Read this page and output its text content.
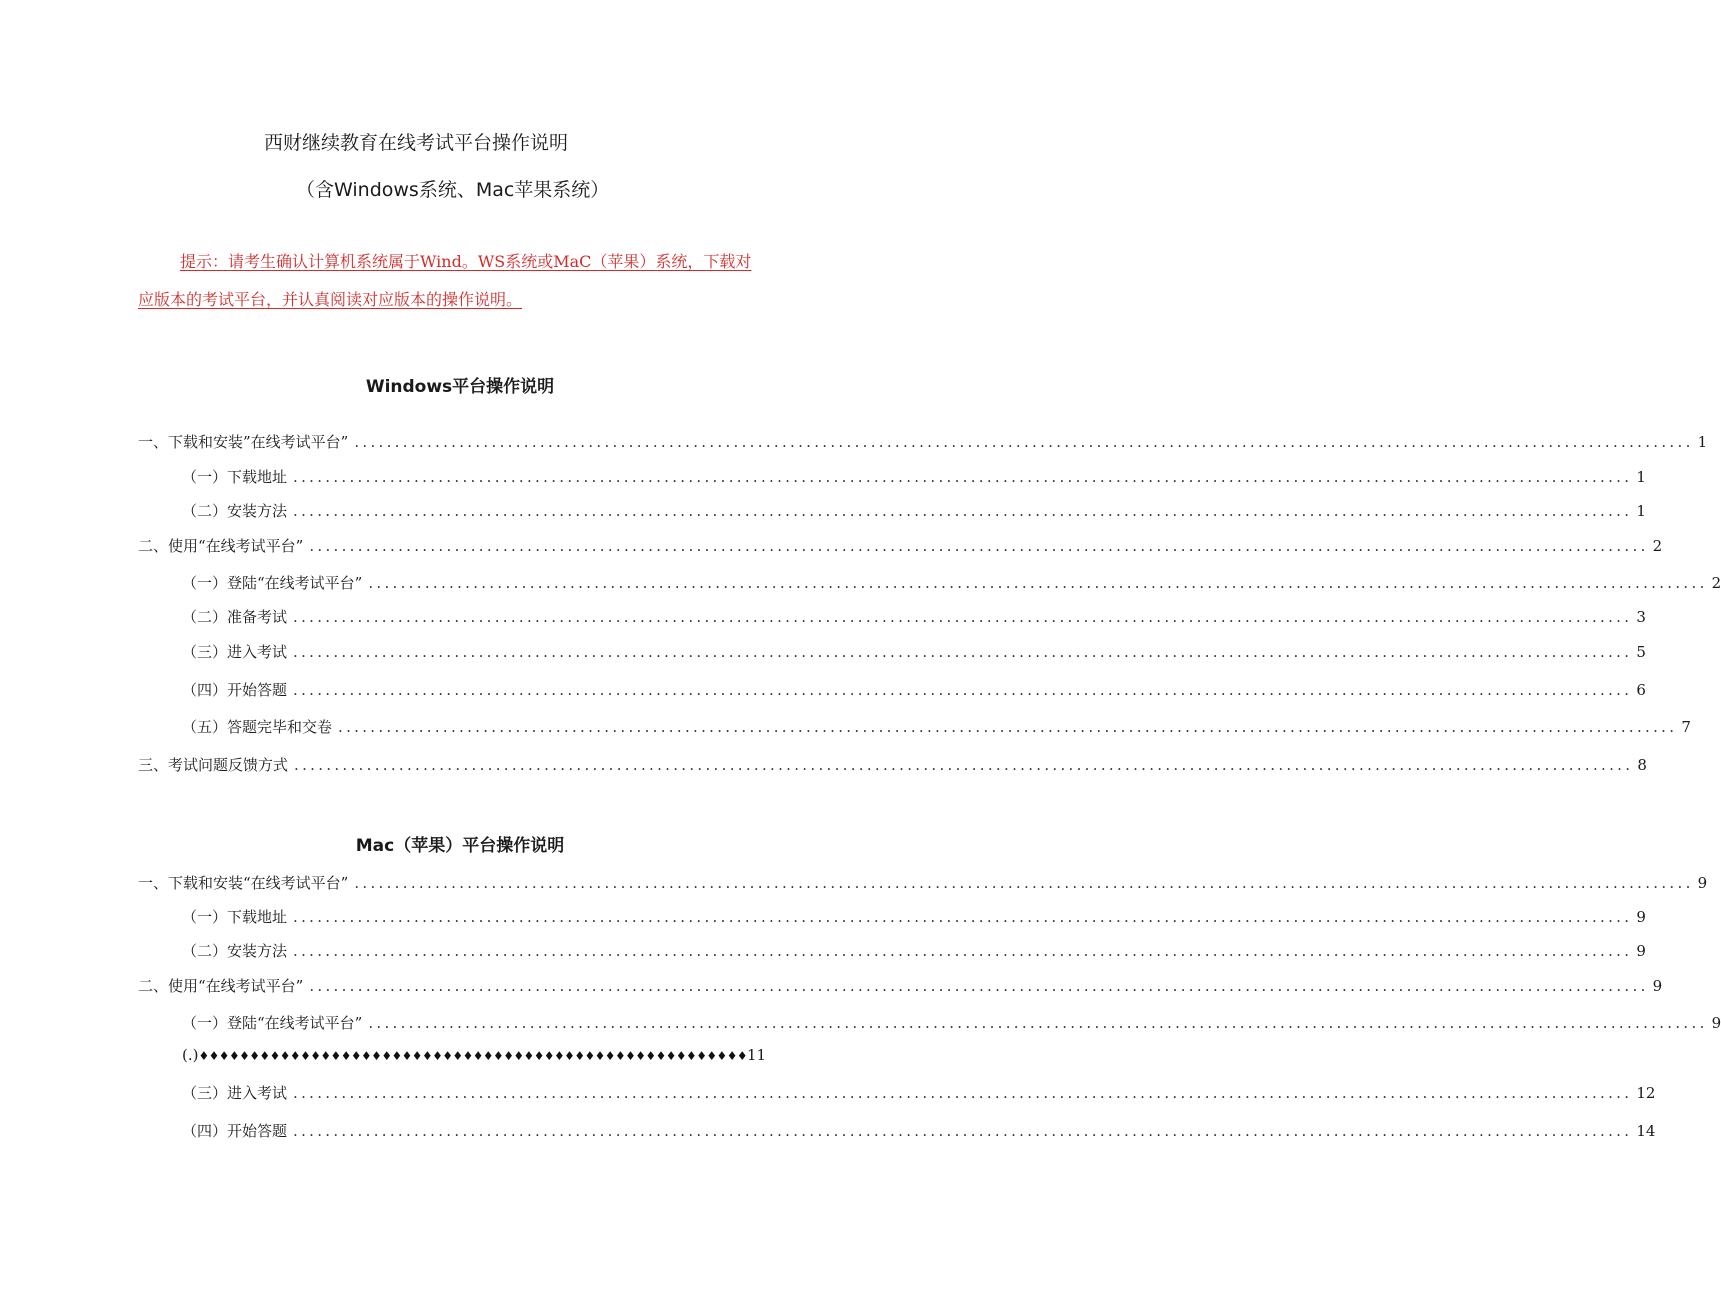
西财继续教育在线考试平台操作说明
（含Windows系统、Mac苹果系统）
提示：请考生确认计算机系统属于Wind。WS系统或MaC（苹果）系统，下载对
应版本的考试平台，并认真阅读对应版本的操作说明。
Windows平台操作说明
一、下载和安装”在线考试平台” .....	1
（一）下载地址 .....	1
（二）安装方法 .....	1
二、使用“在线考试平台” .....	2
（一）登陆“在线考试平台” .....	2
（二）准备考试 .....	3
（三）进入考试 .....	5
（四）开始答题 .....	6
（五）答题完毕和交卷 .....	7
三、考试问题反馈方式 .....	8
Mac（苹果）平台操作说明
一、下载和安装“在线考试平台” .....	9
（一）下载地址 .....	9
（二）安装方法 .....	9
二、使用“在线考试平台” .....	9
（一）登陆“在线考试平台” .....	9
(.) ♦♦♦♦♦♦♦♦♦♦♦♦♦♦♦♦♦♦♦♦♦♦♦♦♦♦♦♦♦♦♦♦♦♦♦♦♦♦♦♦♦♦♦♦♦♦♦♦♦♦♦♦♦♦ 11
（三）进入考试 .....	12
（四）开始答题 .....	14
